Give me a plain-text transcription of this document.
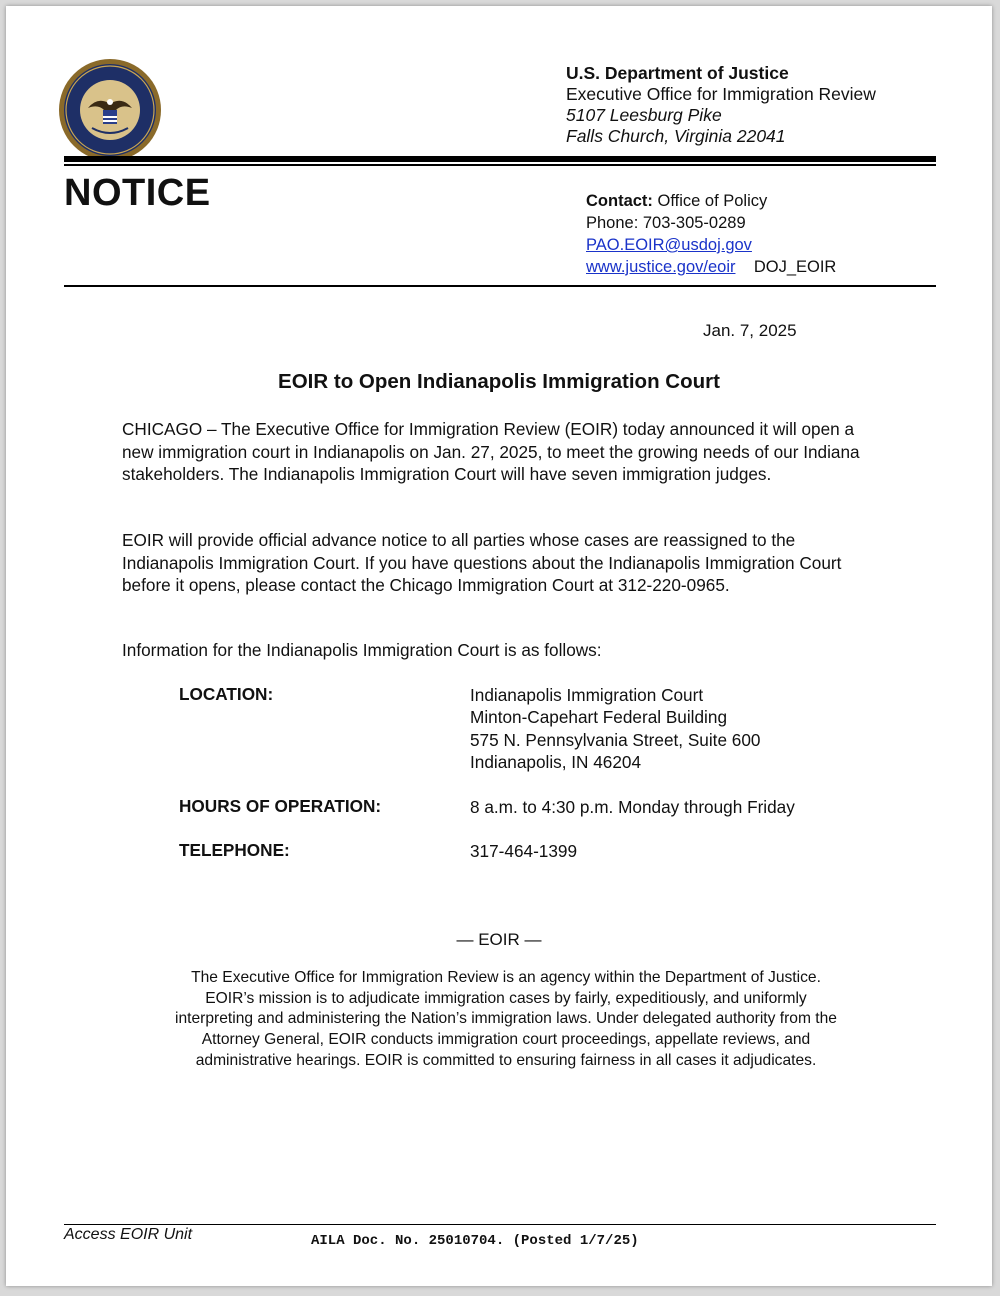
U.S. Department of Justice
Executive Office for Immigration Review
5107 Leesburg Pike
Falls Church, Virginia 22041
NOTICE	Contact: Office of Policy
Phone: 703-305-0289
PAO.EOIR@usdoj.gov
www.justice.gov/eoir DOJ_EOIR
Jan. 7, 2025
EOIR to Open Indianapolis Immigration Court
CHICAGO – The Executive Office for Immigration Review (EOIR) today announced it will open a new immigration court in Indianapolis on Jan. 27, 2025, to meet the growing needs of our Indiana stakeholders. The Indianapolis Immigration Court will have seven immigration judges.
EOIR will provide official advance notice to all parties whose cases are reassigned to the Indianapolis Immigration Court. If you have questions about the Indianapolis Immigration Court before it opens, please contact the Chicago Immigration Court at 312-220-0965.
Information for the Indianapolis Immigration Court is as follows:
LOCATION:	Indianapolis Immigration Court
Minton-Capehart Federal Building
575 N. Pennsylvania Street, Suite 600
Indianapolis, IN 46204
HOURS OF OPERATION:	8 a.m. to 4:30 p.m. Monday through Friday
TELEPHONE:	317-464-1399
— EOIR —
The Executive Office for Immigration Review is an agency within the Department of Justice.
EOIR’s mission is to adjudicate immigration cases by fairly, expeditiously, and uniformly
interpreting and administering the Nation’s immigration laws. Under delegated authority from the
Attorney General, EOIR conducts immigration court proceedings, appellate reviews, and
administrative hearings. EOIR is committed to ensuring fairness in all cases it adjudicates.
Access EOIR Unit	AILA Doc. No. 25010704. (Posted 1/7/25)
